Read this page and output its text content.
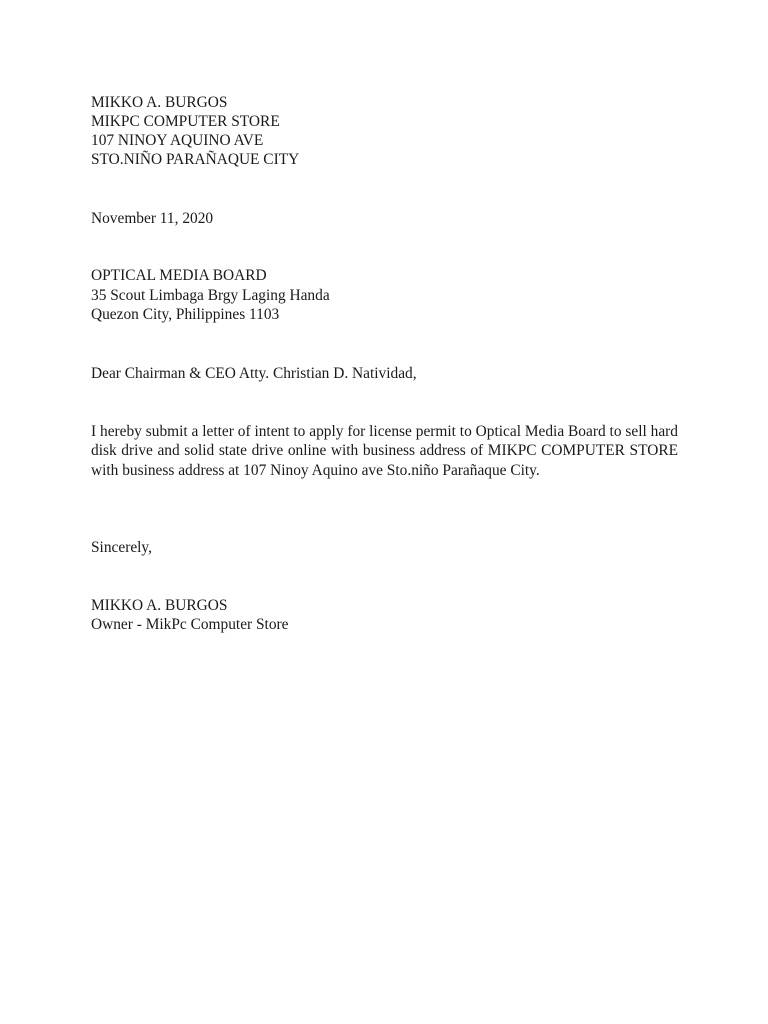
MIKKO A. BURGOS
MIKPC COMPUTER STORE
107 NINOY AQUINO AVE
STO.NIÑO PARAÑAQUE CITY
November 11, 2020
OPTICAL MEDIA BOARD
35 Scout Limbaga Brgy Laging Handa
Quezon City, Philippines 1103
Dear Chairman & CEO Atty. Christian D. Natividad,
I hereby submit a letter of intent to apply for license permit to Optical Media Board to sell hard disk drive and solid state drive online with business address of MIKPC COMPUTER STORE with business address at 107 Ninoy Aquino ave Sto.niño Parañaque City.
Sincerely,
MIKKO A. BURGOS
Owner - MikPc Computer Store
